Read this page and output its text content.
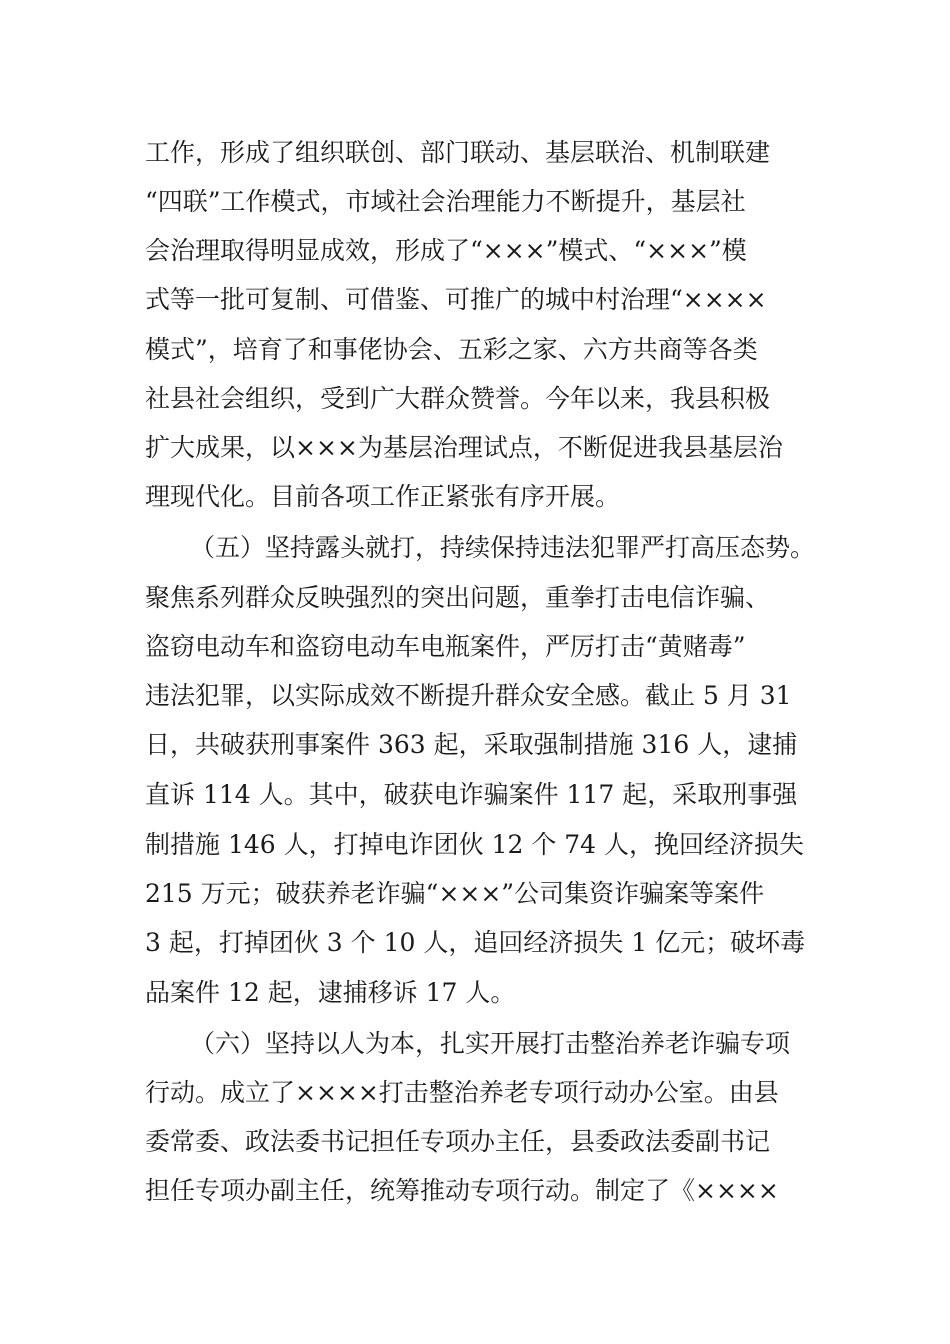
工作，形成了组织联创、部门联动、基层联治、机制联建
“四联”工作模式，市域社会治理能力不断提升，基层社
会治理取得明显成效，形成了“×××”模式、“×××”模
式等一批可复制、可借鉴、可推广的城中村治理“××××
模式”，培育了和事佬协会、五彩之家、六方共商等各类
社县社会组织，受到广大群众赞誉。今年以来，我县积极
扩大成果，以×××为基层治理试点，不断促进我县基层治
理现代化。目前各项工作正紧张有序开展。
（五）坚持露头就打，持续保持违法犯罪严打高压态势。
聚焦系列群众反映强烈的突出问题，重拳打击电信诈骗、
盗窃电动车和盗窃电动车电瓶案件，严厉打击“黄赌毒”
违法犯罪，以实际成效不断提升群众安全感。截止 5 月 31
日，共破获刑事案件 363 起，采取强制措施 316 人，逮捕
直诉 114 人。其中，破获电诈骗案件 117 起，采取刑事强
制措施 146 人，打掉电诈团伙 12 个 74 人，挽回经济损失
215 万元；破获养老诈骗“×××”公司集资诈骗案等案件
3 起，打掉团伙 3 个 10 人，追回经济损失 1 亿元；破坏毒
品案件 12 起，逮捕移诉 17 人。
（六）坚持以人为本，扎实开展打击整治养老诈骗专项
行动。成立了××××打击整治养老专项行动办公室。由县
委常委、政法委书记担任专项办主任，县委政法委副书记
担任专项办副主任，统筹推动专项行动。制定了《××××
